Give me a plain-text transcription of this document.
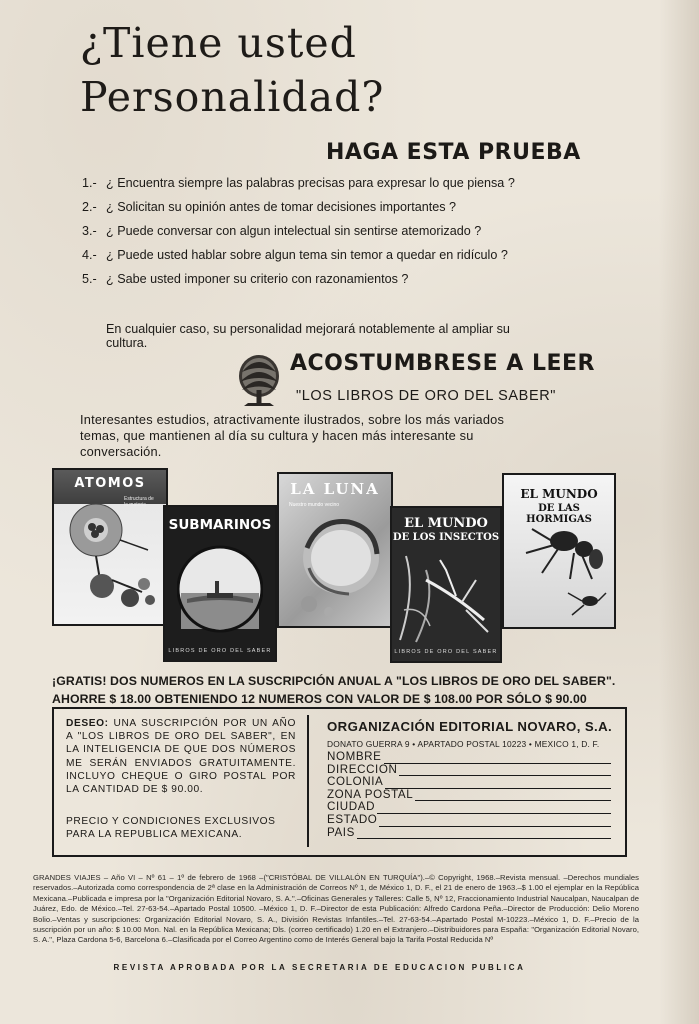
¿Tiene usted
Personalidad?
HAGA ESTA PRUEBA
1.- ¿ Encuentra siempre las palabras precisas para expresar lo que piensa ?
2.- ¿ Solicitan su opinión antes de tomar decisiones importantes ?
3.- ¿ Puede conversar con algun intelectual sin sentirse atemorizado ?
4.- ¿ Puede usted hablar sobre algun tema sin temor a quedar en ridículo ?
5.- ¿ Sabe usted imponer su criterio con razonamientos ?

En cualquier caso, su personalidad mejorará notablemente al ampliar su cultura.

ACOSTUMBRESE A LEER

"LOS LIBROS DE ORO DEL SABER"

Interesantes estudios, atractivamente ilustrados, sobre los más variados temas, que mantienen al día su cultura y hacen más interesante su conversación.

ATOMOS
Estructura de la materia
SUBMARINOS
LIBROS DE ORO DEL SABER
LA LUNA
Nuestro mundo vecino
EL MUNDO
DE LOS INSECTOS
LIBROS DE ORO DEL SABER
EL MUNDO
DE LAS HORMIGAS

¡GRATIS! DOS NUMEROS EN LA SUSCRIPCIÓN ANUAL A "LOS LIBROS DE ORO DEL SABER".
AHORRE $ 18.00 OBTENIENDO 12 NUMEROS CON VALOR DE $ 108.00 POR SÓLO $ 90.00

DESEO: UNA SUSCRIPCIÓN POR UN AÑO A "LOS LIBROS DE ORO DEL SABER", EN LA INTELIGENCIA DE QUE DOS NÚMEROS ME SERÁN ENVIADOS GRATUITAMENTE. INCLUYO CHEQUE O GIRO POSTAL POR LA CANTIDAD DE $ 90.00.

PRECIO Y CONDICIONES EXCLUSIVOS PARA LA REPUBLICA MEXICANA.

ORGANIZACIÓN EDITORIAL NOVARO, S.A.

DONATO GUERRA 9 • APARTADO POSTAL 10223 • MEXICO 1, D. F.

NOMBRE
DIRECCION
COLONIA
ZONA POSTAL
CIUDAD
ESTADO
PAIS

GRANDES VIAJES – Año VI – Nº 61 – 1º de febrero de 1968 –("CRISTÓBAL DE VILLALÓN EN TURQUÍA").–© Copyright, 1968.–Revista mensual. –Derechos mundiales reservados.–Autorizada como correspondencia de 2ª clase en la Administración de Correos Nº 1, de México 1, D. F., el 21 de enero de 1963.–$ 1.00 el ejemplar en la República Mexicana.–Publicada e impresa por la "Organización Editorial Novaro, S. A.".–Oficinas Generales y Talleres: Calle 5, Nº 12, Fraccionamiento Industrial Naucalpan, Naucalpan de Juárez, Edo. de México.–Tel. 27-63-54.–Apartado Postal 10500. –México 1, D. F.–Director de esta Publicación: Alfredo Cardona Peña.–Director de Producción: Delio Moreno Bolio.–Ventas y suscripciones: Organización Editorial Novaro, S. A., División Revistas Infantiles.–Tel. 27-63-54.–Apartado Postal M-10223.–México 1, D. F.–Precio de la suscripción por un año: $ 10.00 Mon. Nal. en la República Mexicana; Dls. (correo certificado) 1.20 en el Extranjero.–Distribuidores para España: "Organización Editorial Novaro, S. A.", Plaza Cardona 5-6, Barcelona 6.–Clasificada por el Correo Argentino como de Interés General bajo la Tarifa Postal Reducida Nº

REVISTA APROBADA POR LA SECRETARIA DE EDUCACION PUBLICA
